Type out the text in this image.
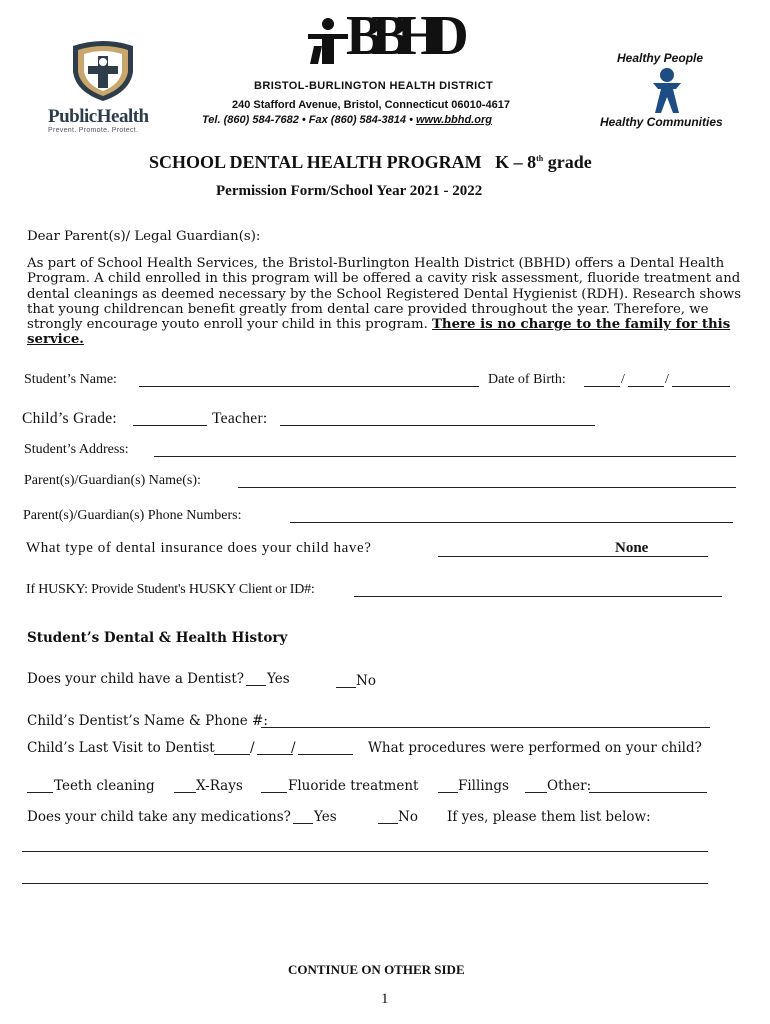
PublicHealth
Prevent. Promote. Protect.
BBHD
BRISTOL-BURLINGTON HEALTH DISTRICT
240 Stafford Avenue, Bristol, Connecticut 06010-4617
Tel. (860) 584-7682 • Fax (860) 584-3814 • www.bbhd.org
Healthy People
Healthy Communities
SCHOOL DENTAL HEALTH PROGRAM K – 8th grade
Permission Form/School Year 2021 - 2022
Dear Parent(s)/ Legal Guardian(s):
As part of School Health Services, the Bristol-Burlington Health District (BBHD) offers a Dental Health
Program. A child enrolled in this program will be offered a cavity risk assessment, fluoride treatment and
dental cleanings as deemed necessary by the School Registered Dental Hygienist (RDH). Research shows
that young childrencan benefit greatly from dental care provided throughout the year. Therefore, we
strongly encourage youto enroll your child in this program. There is no charge to the family for this
service.
Student’s Name:	Date of Birth:	/	/
Child’s Grade:	Teacher:
Student’s Address:
Parent(s)/Guardian(s) Name(s):
Parent(s)/Guardian(s) Phone Numbers:
What type of dental insurance does your child have?	None
If HUSKY: Provide Student's HUSKY Client or ID#:
Student’s Dental & Health History
Does your child have a Dentist? Yes	No
Child’s Dentist’s Name & Phone #:
Child’s Last Visit to Dentist	/	/	What procedures were performed on your child?
Teeth cleaning	X-Rays	Fluoride treatment	Fillings	Other:
Does your child take any medications? Yes	No If yes, please them list below:
CONTINUE ON OTHER SIDE
1
